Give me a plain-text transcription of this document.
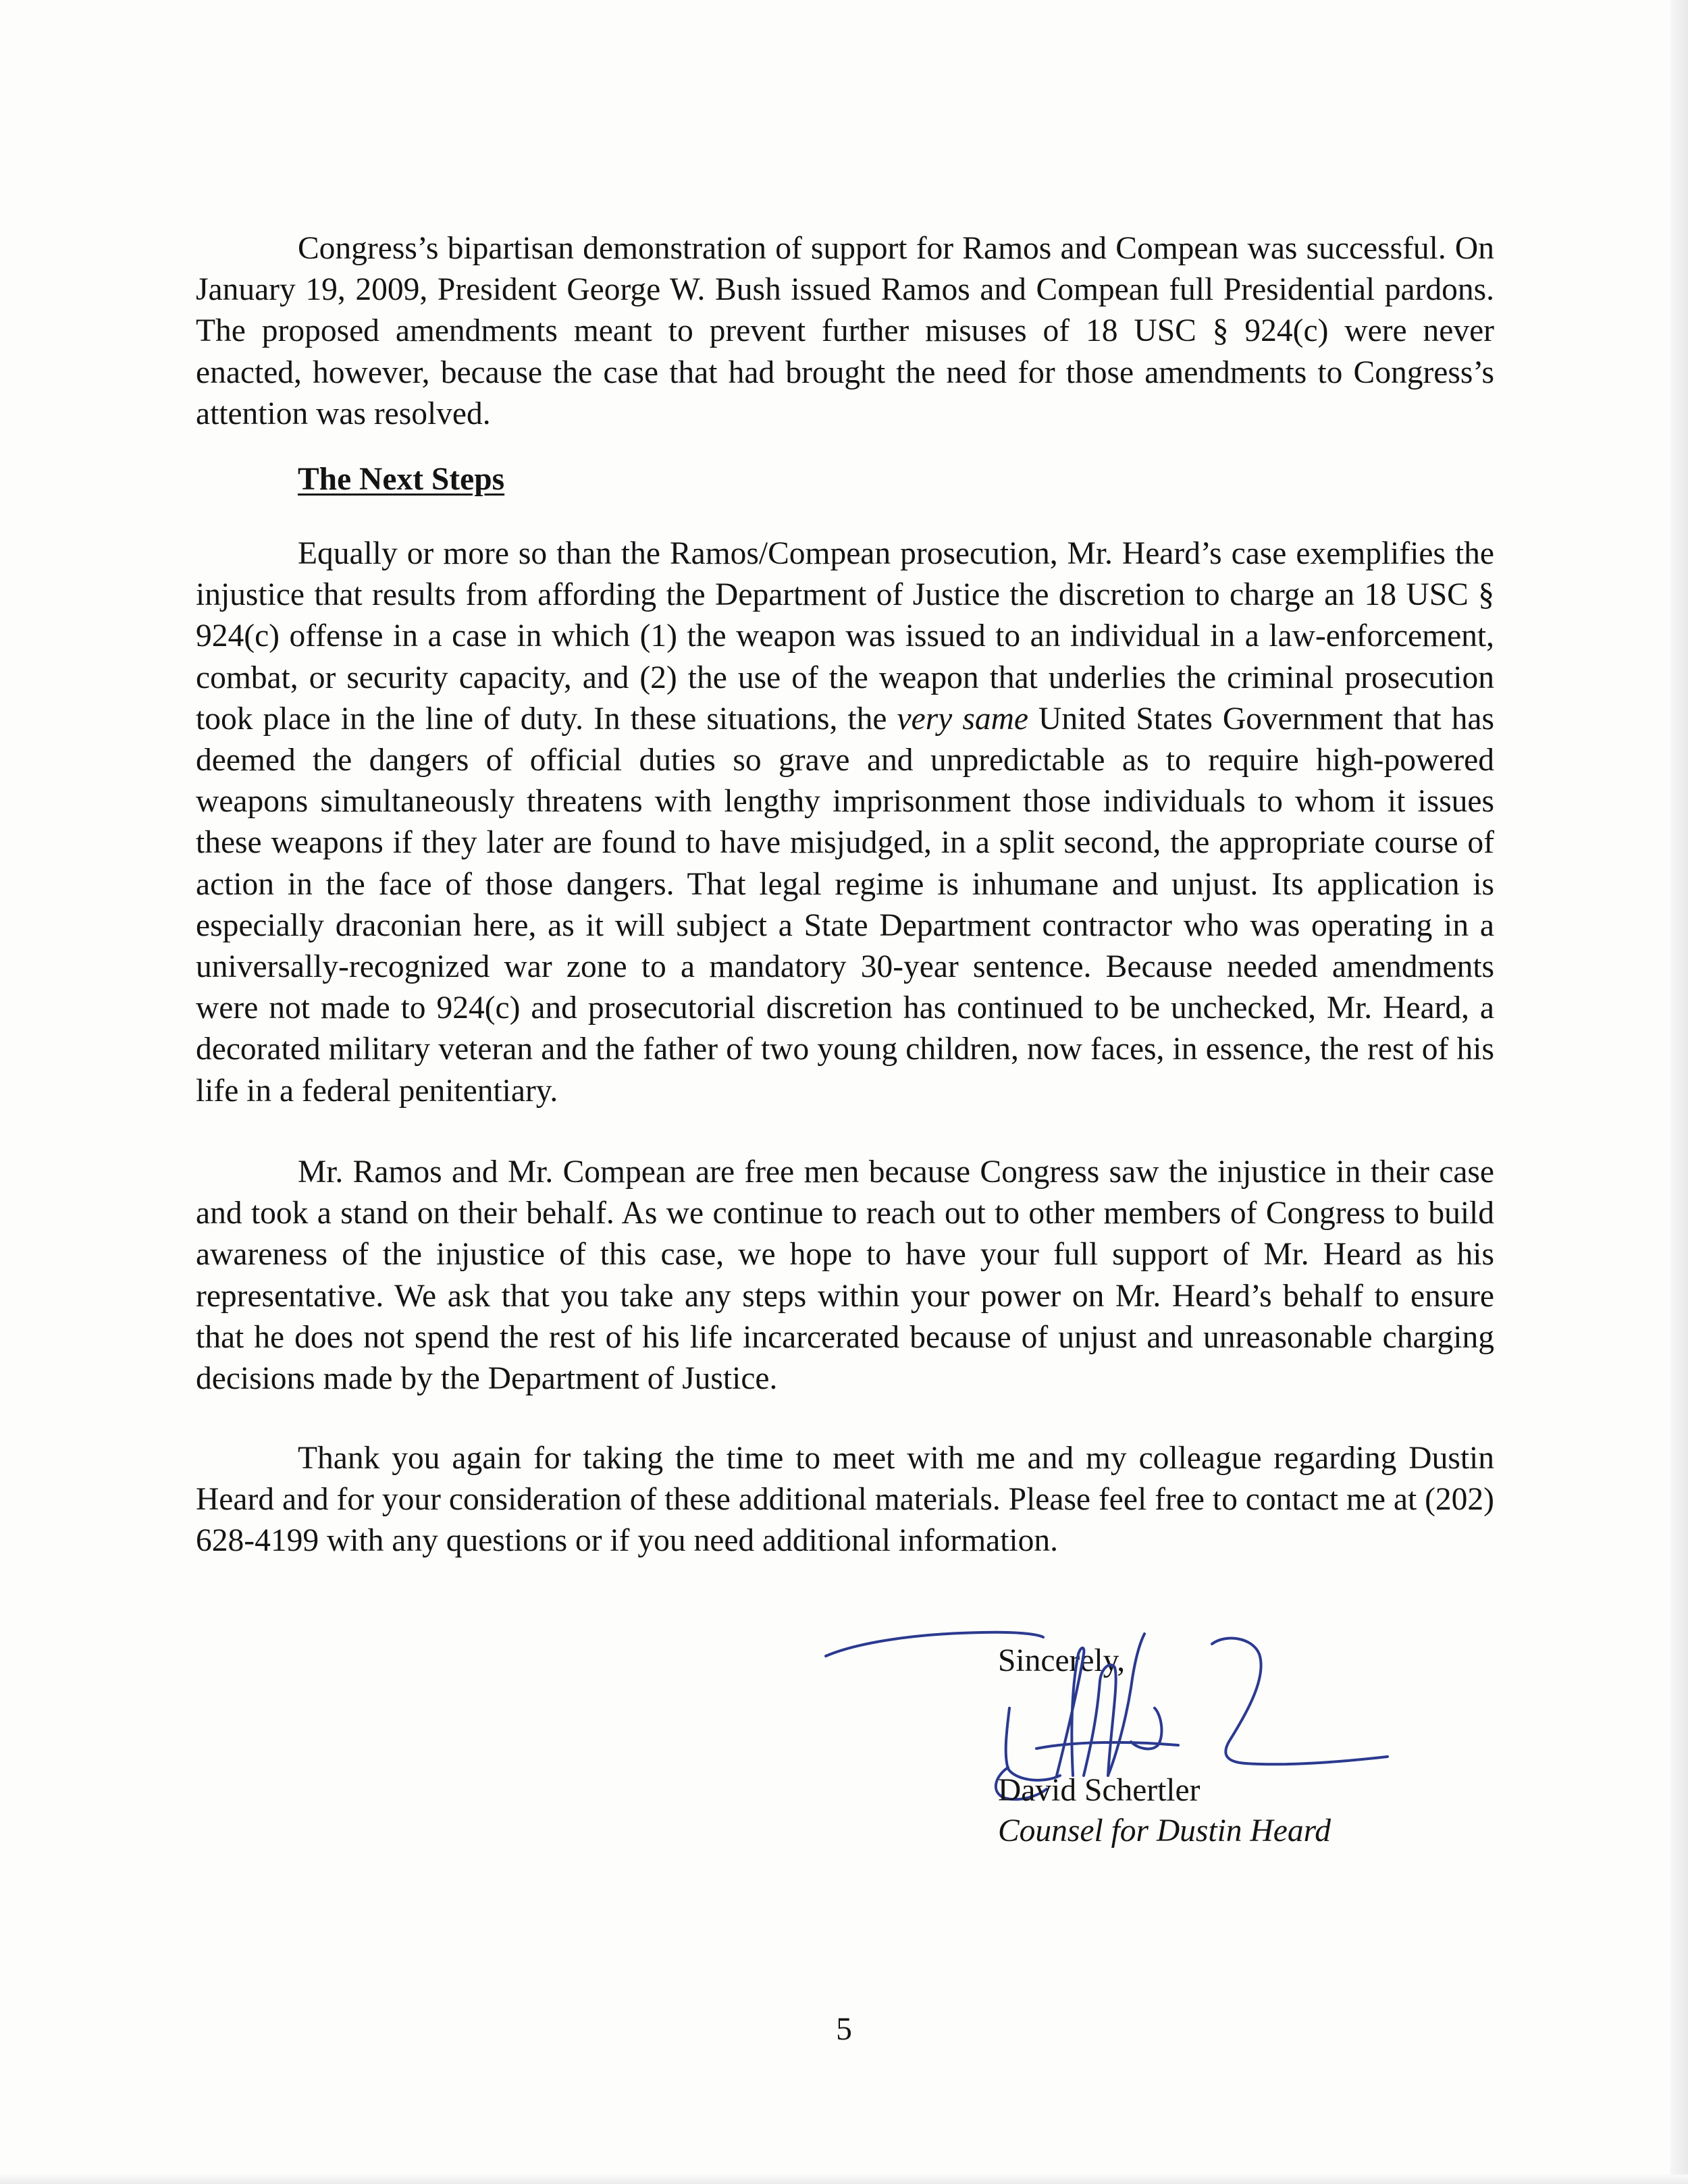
Congress’s bipartisan demonstration of support for Ramos and Compean was successful. On January 19, 2009, President George W. Bush issued Ramos and Compean full Presidential pardons. The proposed amendments meant to prevent further misuses of 18 USC § 924(c) were never enacted, however, because the case that had brought the need for those amendments to Congress’s attention was resolved.

The Next Steps

Equally or more so than the Ramos/Compean prosecution, Mr. Heard’s case exemplifies the injustice that results from affording the Department of Justice the discretion to charge an 18 USC § 924(c) offense in a case in which (1) the weapon was issued to an individual in a law-enforcement, combat, or security capacity, and (2) the use of the weapon that underlies the criminal prosecution took place in the line of duty. In these situations, the very same United States Government that has deemed the dangers of official duties so grave and unpredictable as to require high-powered weapons simultaneously threatens with lengthy imprisonment those individuals to whom it issues these weapons if they later are found to have misjudged, in a split second, the appropriate course of action in the face of those dangers. That legal regime is inhumane and unjust. Its application is especially draconian here, as it will subject a State Department contractor who was operating in a universally-recognized war zone to a mandatory 30-year sentence. Because needed amendments were not made to 924(c) and prosecutorial discretion has continued to be unchecked, Mr. Heard, a decorated military veteran and the father of two young children, now faces, in essence, the rest of his life in a federal penitentiary.

Mr. Ramos and Mr. Compean are free men because Congress saw the injustice in their case and took a stand on their behalf. As we continue to reach out to other members of Congress to build awareness of the injustice of this case, we hope to have your full support of Mr. Heard as his representative. We ask that you take any steps within your power on Mr. Heard’s behalf to ensure that he does not spend the rest of his life incarcerated because of unjust and unreasonable charging decisions made by the Department of Justice.

Thank you again for taking the time to meet with me and my colleague regarding Dustin Heard and for your consideration of these additional materials. Please feel free to contact me at (202) 628-4199 with any questions or if you need additional information.

Sincerely,

David Schertler

Counsel for Dustin Heard

5
